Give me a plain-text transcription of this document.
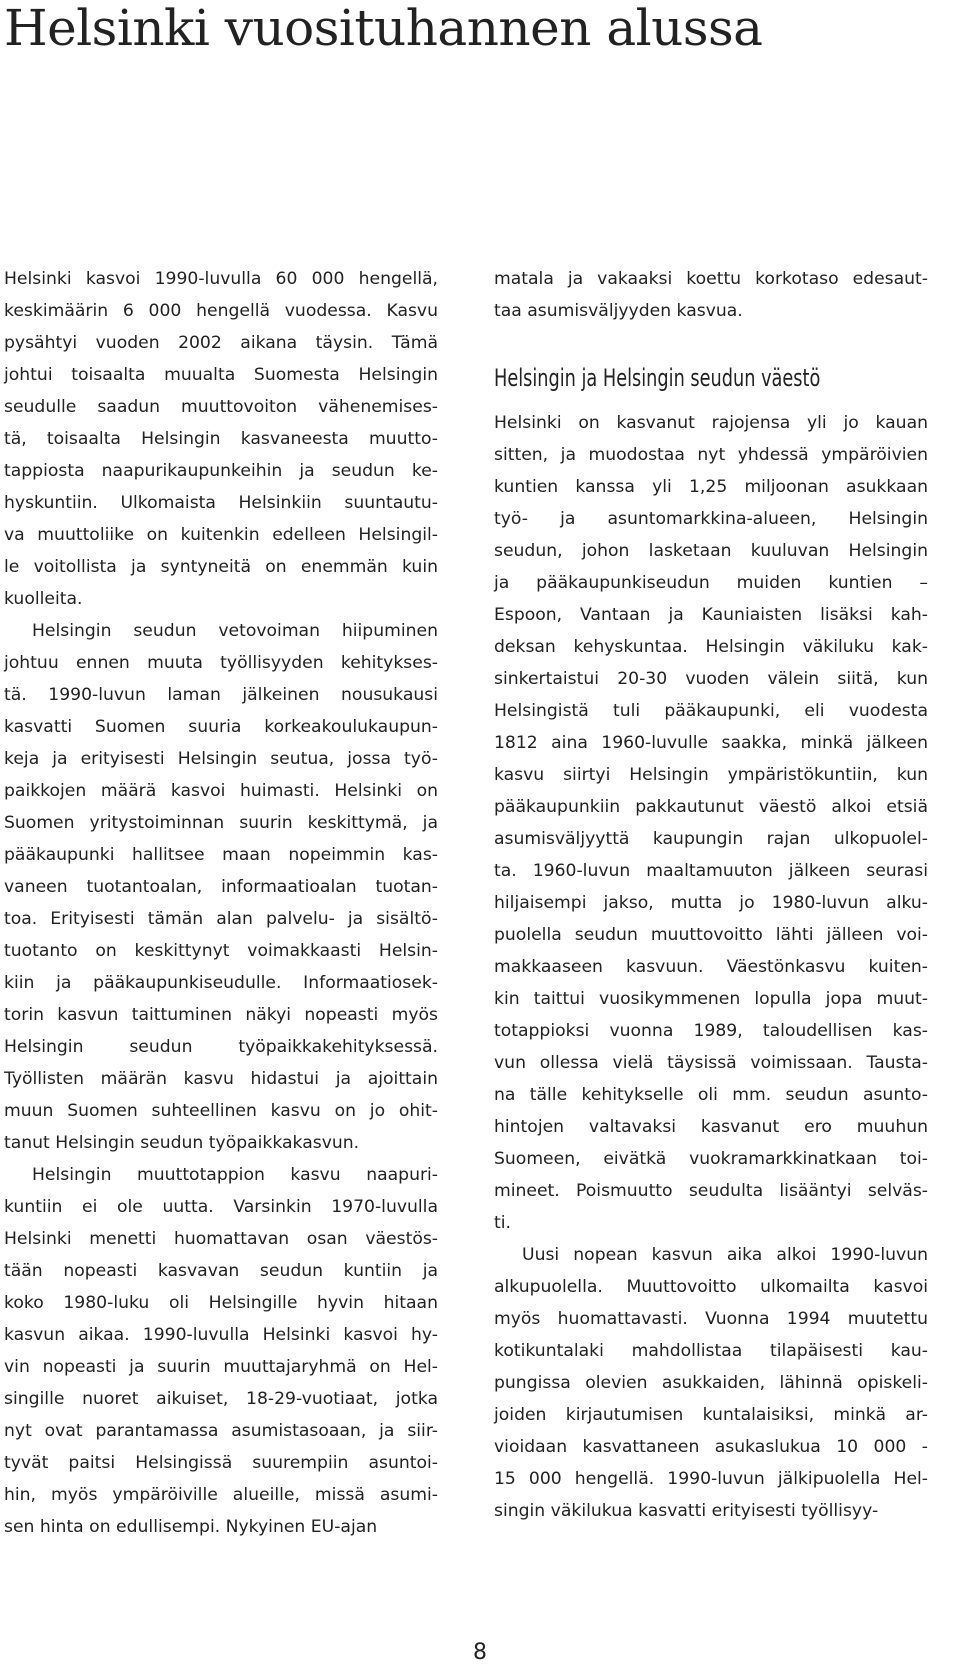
Helsinki vuosituhannen alussa

Helsinki kasvoi 1990-luvulla 60 000 hengellä,
keskimäärin 6 000 hengellä vuodessa. Kasvu
pysähtyi vuoden 2002 aikana täysin. Tämä
johtui toisaalta muualta Suomesta Helsingin
seudulle saadun muuttovoiton vähenemises-
tä, toisaalta Helsingin kasvaneesta muutto-
tappiosta naapurikaupunkeihin ja seudun ke-
hyskuntiin. Ulkomaista Helsinkiin suuntautu-
va muuttoliike on kuitenkin edelleen Helsingil-
le voitollista ja syntyneitä on enemmän kuin
kuolleita.

Helsingin seudun vetovoiman hiipuminen
johtuu ennen muuta työllisyyden kehitykses-
tä. 1990-luvun laman jälkeinen nousukausi
kasvatti Suomen suuria korkeakoulukaupun-
keja ja erityisesti Helsingin seutua, jossa työ-
paikkojen määrä kasvoi huimasti. Helsinki on
Suomen yritystoiminnan suurin keskittymä, ja
pääkaupunki hallitsee maan nopeimmin kas-
vaneen tuotantoalan, informaatioalan tuotan-
toa. Erityisesti tämän alan palvelu- ja sisältö-
tuotanto on keskittynyt voimakkaasti Helsin-
kiin ja pääkaupunkiseudulle. Informaatiosek-
torin kasvun taittuminen näkyi nopeasti myös
Helsingin seudun työpaikkakehityksessä.
Työllisten määrän kasvu hidastui ja ajoittain
muun Suomen suhteellinen kasvu on jo ohit-
tanut Helsingin seudun työpaikkakasvun.

Helsingin muuttotappion kasvu naapuri-
kuntiin ei ole uutta. Varsinkin 1970-luvulla
Helsinki menetti huomattavan osan väestös-
tään nopeasti kasvavan seudun kuntiin ja
koko 1980-luku oli Helsingille hyvin hitaan
kasvun aikaa. 1990-luvulla Helsinki kasvoi hy-
vin nopeasti ja suurin muuttajaryhmä on Hel-
singille nuoret aikuiset, 18-29-vuotiaat, jotka
nyt ovat parantamassa asumistasoaan, ja siir-
tyvät paitsi Helsingissä suurempiin asuntoi-
hin, myös ympäröiville alueille, missä asumi-
sen hinta on edullisempi. Nykyinen EU-ajan

matala ja vakaaksi koettu korkotaso edesaut-
taa asumisväljyyden kasvua.

Helsingin ja Helsingin seudun väestö

Helsinki on kasvanut rajojensa yli jo kauan
sitten, ja muodostaa nyt yhdessä ympäröivien
kuntien kanssa yli 1,25 miljoonan asukkaan
työ- ja asuntomarkkina-alueen, Helsingin
seudun, johon lasketaan kuuluvan Helsingin
ja pääkaupunkiseudun muiden kuntien –
Espoon, Vantaan ja Kauniaisten lisäksi kah-
deksan kehyskuntaa. Helsingin väkiluku kak-
sinkertaistui 20-30 vuoden välein siitä, kun
Helsingistä tuli pääkaupunki, eli vuodesta
1812 aina 1960-luvulle saakka, minkä jälkeen
kasvu siirtyi Helsingin ympäristökuntiin, kun
pääkaupunkiin pakkautunut väestö alkoi etsiä
asumisväljyyttä kaupungin rajan ulkopuolel-
ta. 1960-luvun maaltamuuton jälkeen seurasi
hiljaisempi jakso, mutta jo 1980-luvun alku-
puolella seudun muuttovoitto lähti jälleen voi-
makkaaseen kasvuun. Väestönkasvu kuiten-
kin taittui vuosikymmenen lopulla jopa muut-
totappioksi vuonna 1989, taloudellisen kas-
vun ollessa vielä täysissä voimissaan. Tausta-
na tälle kehitykselle oli mm. seudun asunto-
hintojen valtavaksi kasvanut ero muuhun
Suomeen, eivätkä vuokramarkkinatkaan toi-
mineet. Poismuutto seudulta lisääntyi selväs-
ti.

Uusi nopean kasvun aika alkoi 1990-luvun
alkupuolella. Muuttovoitto ulkomailta kasvoi
myös huomattavasti. Vuonna 1994 muutettu
kotikuntalaki mahdollistaa tilapäisesti kau-
pungissa olevien asukkaiden, lähinnä opiskeli-
joiden kirjautumisen kuntalaisiksi, minkä ar-
vioidaan kasvattaneen asukaslukua 10 000 -
15 000 hengellä. 1990-luvun jälkipuolella Hel-
singin väkilukua kasvatti erityisesti työllisyy-

8
